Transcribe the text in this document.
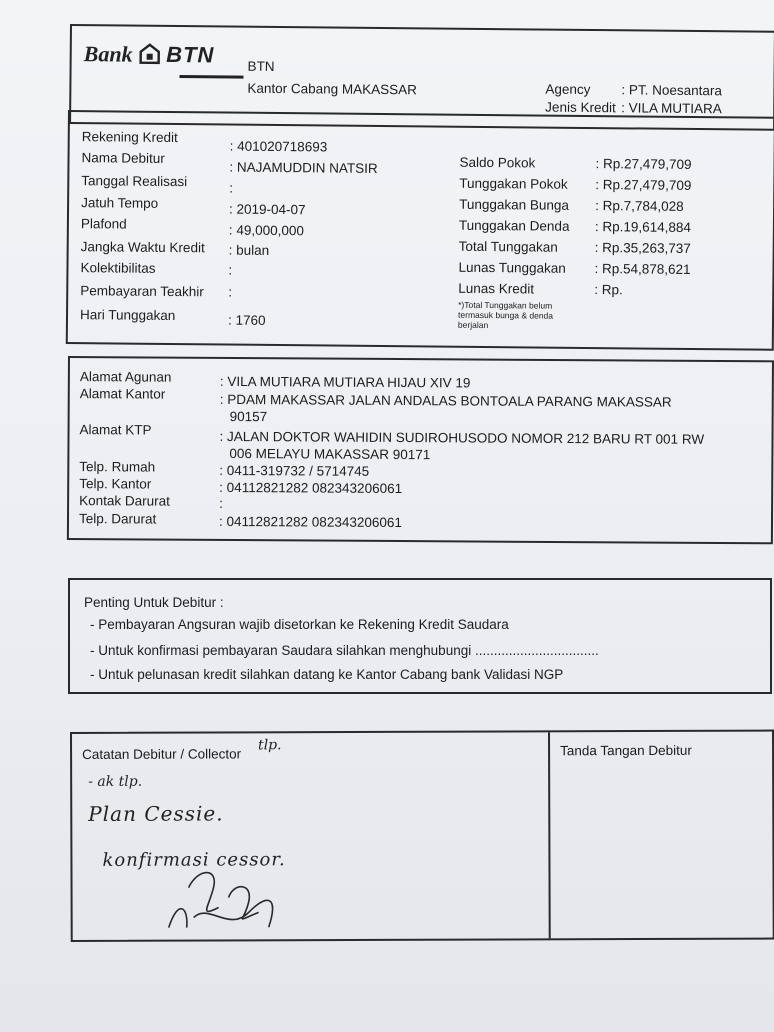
Bank BTN BTN
Kantor Cabang MAKASSAR	Agency : PT. Noesantara
Jenis Kredit : VILA MUTIARA
Rekening Kredit
: 401020718693
Nama Debitur
: NAJAMUDDIN NATSIR
Tanggal Realisasi	:
Jatuh Tempo	: 2019-04-07
Plafond	: 49,000,000
Jangka Waktu Kredit : bulan
Kolektibilitas	:
Pembayaran Teakhir :
Hari Tunggakan	: 1760
Saldo Pokok	: Rp.27,479,709
Tunggakan Pokok : Rp.27,479,709
Tunggakan Bunga : Rp.7,784,028
Tunggakan Denda : Rp.19,614,884
Total Tunggakan	: Rp.35,263,737
Lunas Tunggakan : Rp.54,878,621
Lunas Kredit	: Rp.
*)Total Tunggakan belum termasuk bunga & denda berjalan
Alamat Agunan	: VILA MUTIARA MUTIARA HIJAU XIV 19
Alamat Kantor	: PDAM MAKASSAR JALAN ANDALAS BONTOALA PARANG MAKASSAR
90157
Alamat KTP	: JALAN DOKTOR WAHIDIN SUDIROHUSODO NOMOR 212 BARU RT 001 RW
006 MELAYU MAKASSAR 90171
Telp. Rumah	: 0411-319732 / 5714745
Telp. Kantor	: 04112821282 082343206061
Kontak Darurat	:
Telp. Darurat	: 04112821282 082343206061
Penting Untuk Debitur :
- Pembayaran Angsuran wajib disetorkan ke Rekening Kredit Saudara
- Untuk konfirmasi pembayaran Saudara silahkan menghubungi .................................
- Untuk pelunasan kredit silahkan datang ke Kantor Cabang bank Validasi NGP
Catatan Debitur / Collector	Tanda Tangan Debitur
tlp.
- ak tlp.
Plan Cessie.
konfirmasi cessor.
